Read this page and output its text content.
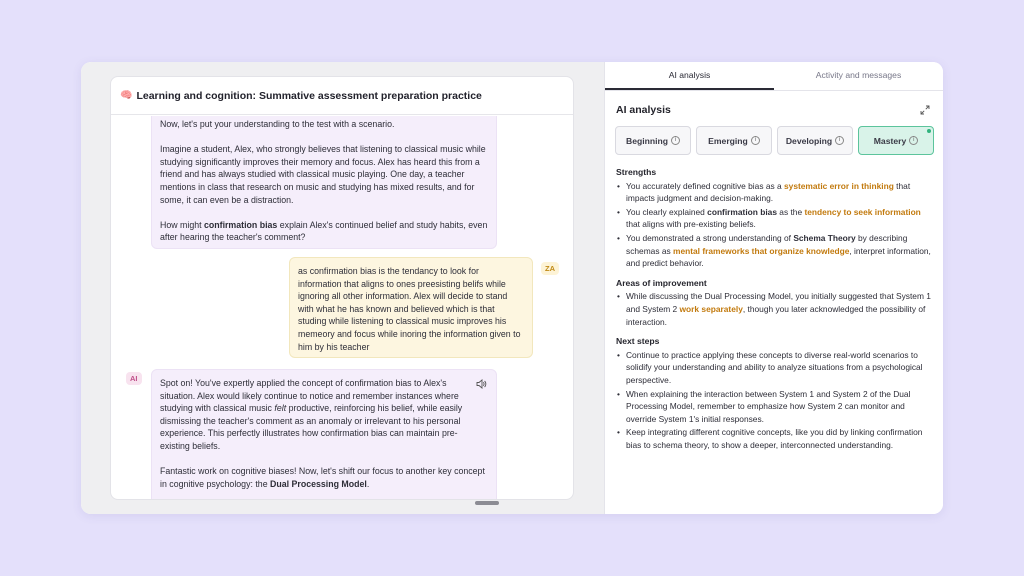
🧠 Learning and cognition: Summative assessment preparation practice

Now, let's put your understanding to the test with a scenario.

Imagine a student, Alex, who strongly believes that listening to classical music while studying significantly improves their memory and focus. Alex has heard this from a friend and has always studied with classical music playing. One day, a teacher mentions in class that research on music and studying has mixed results, and for some, it can even be a distraction.

How might confirmation bias explain Alex's continued belief and study habits, even after hearing the teacher's comment?

as confirmation bias is the tendancy to look for information that aligns to ones preesisting belifs while ignoring all other information. Alex will decide to stand with what he has known and believed which is that studing while listening to classical music improves his memeory and focus while inoring the information given to him by his teacher

ZA
AI	Spot on! You've expertly applied the concept of confirmation bias to Alex's situation. Alex would likely continue to notice and remember instances where studying with classical music felt productive, reinforcing his belief, while easily dismissing the teacher's comment as an anomaly or irrelevant to his personal experience. This perfectly illustrates how confirmation bias can maintain pre-existing beliefs.

Fantastic work on cognitive biases! Now, let's shift our focus to another key concept in cognitive psychology: the Dual Processing Model.

AI analysis	Activity and messages
AI analysis
Beginning	i	Emerging	i	Developing	i	Mastery	i
Strengths
• You accurately defined cognitive bias as a systematic error in thinking that impacts judgment and decision-making.
• You clearly explained confirmation bias as the tendency to seek information that aligns with pre-existing beliefs.
• You demonstrated a strong understanding of Schema Theory by describing schemas as mental frameworks that organize knowledge, interpret information, and predict behavior.
Areas of improvement
• While discussing the Dual Processing Model, you initially suggested that System 1 and System 2 work separately, though you later acknowledged the possibility of interaction.
Next steps
• Continue to practice applying these concepts to diverse real-world scenarios to solidify your understanding and ability to analyze situations from a psychological perspective.
• When explaining the interaction between System 1 and System 2 of the Dual Processing Model, remember to emphasize how System 2 can monitor and override System 1's initial responses.
• Keep integrating different cognitive concepts, like you did by linking confirmation bias to schema theory, to show a deeper, interconnected understanding.
